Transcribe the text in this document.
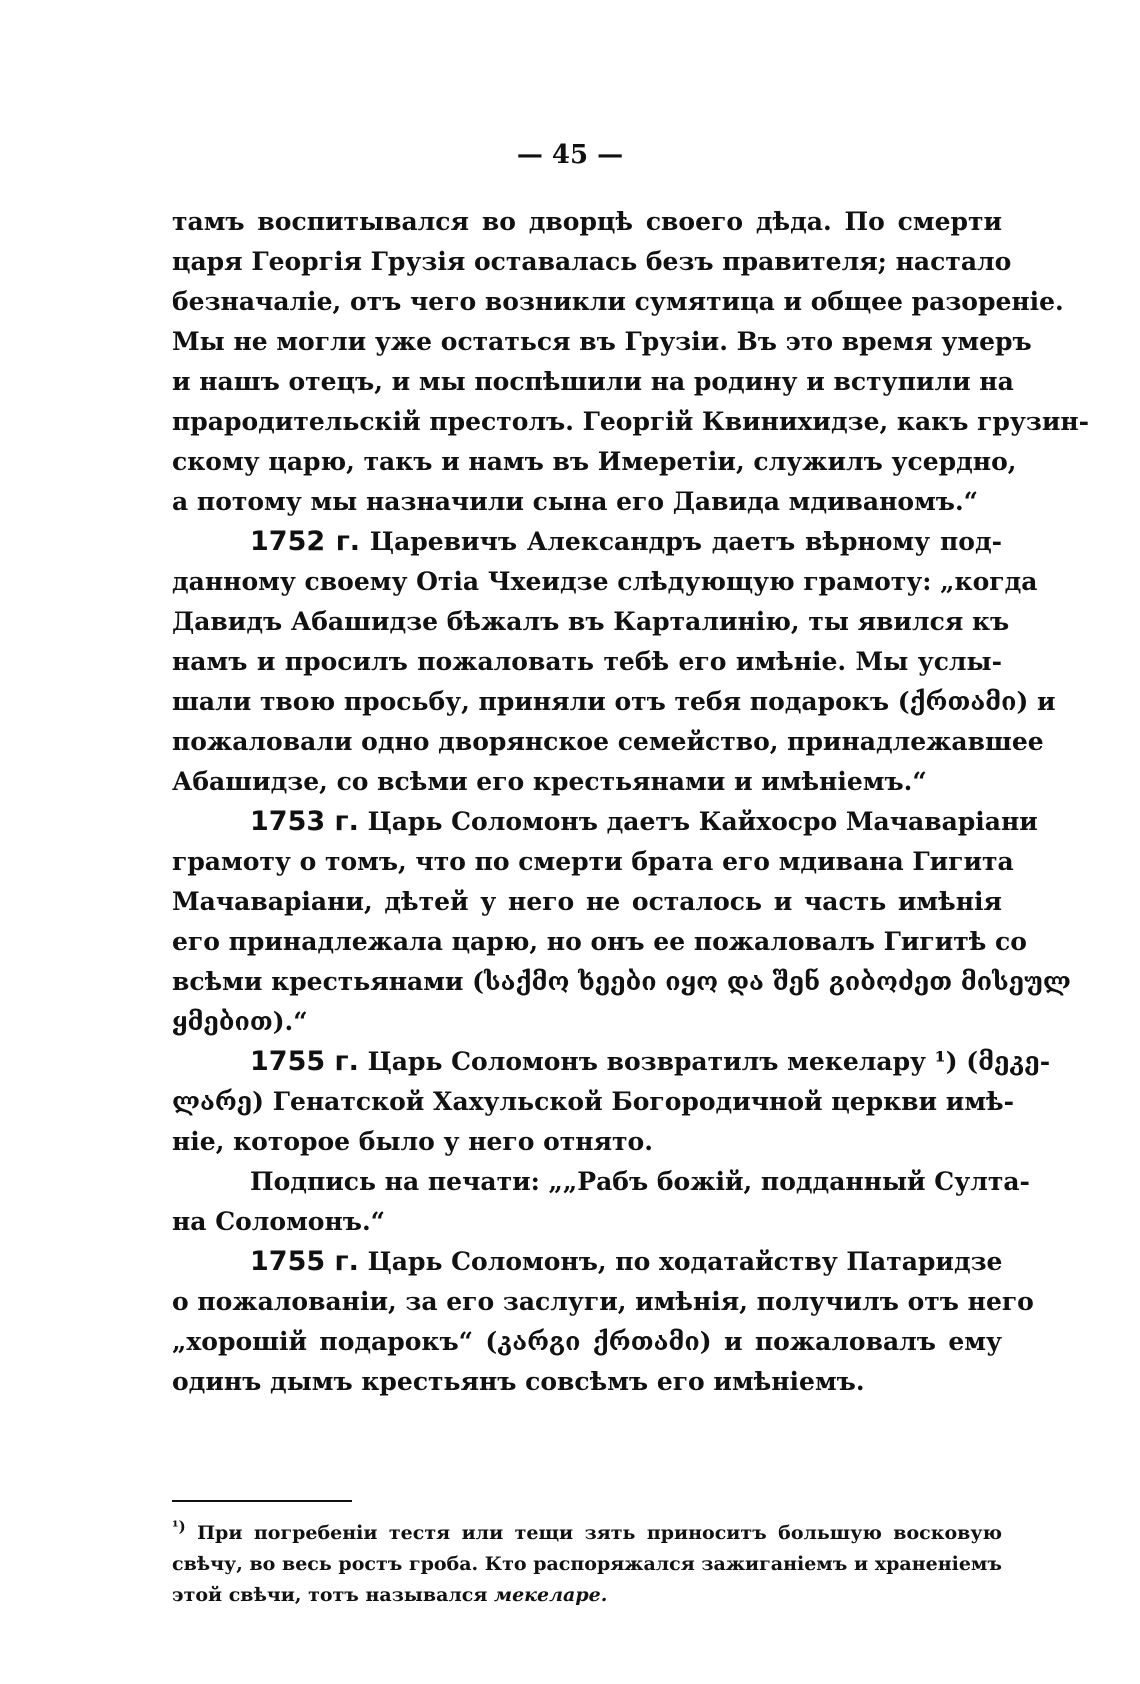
— 45 —
тамъ воспитывался во дворцѣ своего дѣда. По смерти
царя Георгія Грузія оставалась безъ правителя; настало
безначаліе, отъ чего возникли сумятица и общее разореніе.
Мы не могли уже остаться въ Грузіи. Въ это время умеръ
и нашъ отецъ, и мы поспѣшили на родину и вступили на
прародительскій престолъ. Георгій Квинихидзе, какъ грузин-
скому царю, такъ и намъ въ Имеретіи, служилъ усердно,
а потому мы назначили сына его Давида мдиваномъ.“
1752 г. Царевичъ Александръ даетъ вѣрному под-
данному своему Отіа Чхеидзе слѣдующую грамоту: „когда
Давидъ Абашидзе бѣжалъ въ Карталинію, ты явился къ
намъ и просилъ пожаловать тебѣ его имѣніе. Мы услы-
шали твою просьбу, приняли отъ тебя подарокъ (ქრთამი) и
пожаловали одно дворянское семейство, принадлежавшее
Абашидзе, со всѣми его крестьянами и имѣніемъ.“
1753 г. Царь Соломонъ даетъ Кайхосро Мачаваріани
грамоту о томъ, что по смерти брата его мдивана Гигита
Мачаваріани, дѣтей у него не осталось и часть имѣнія
его принадлежала царю, но онъ ее пожаловалъ Гигитѣ со
всѣми крестьянами (საქმო ხეები იყო და შენ გიბოძეთ მისეულ
ყმებით).“
1755 г. Царь Соломонъ возвратилъ мекелару ¹) (მეკე-
ლარე) Генатской Хахульской Богородичной церкви имѣ-
ніе, которое было у него отнято.
Подпись на печати: „„Рабъ божій, подданный Султа-
на Соломонъ.“
1755 г. Царь Соломонъ, по ходатайству Патаридзе
о пожалованіи, за его заслуги, имѣнія, получилъ отъ него
„хорошій подарокъ“ (კარგი ქრთამი) и пожаловалъ ему
одинъ дымъ крестьянъ совсѣмъ его имѣніемъ.
$^{^1)}$ При погребеніи тестя или тещи зять приноситъ большую восковую
свѣчу, во весь ростъ гроба. Кто распоряжался зажиганіемъ и храненіемъ
этой свѣчи, тотъ назывался мекеларе.
